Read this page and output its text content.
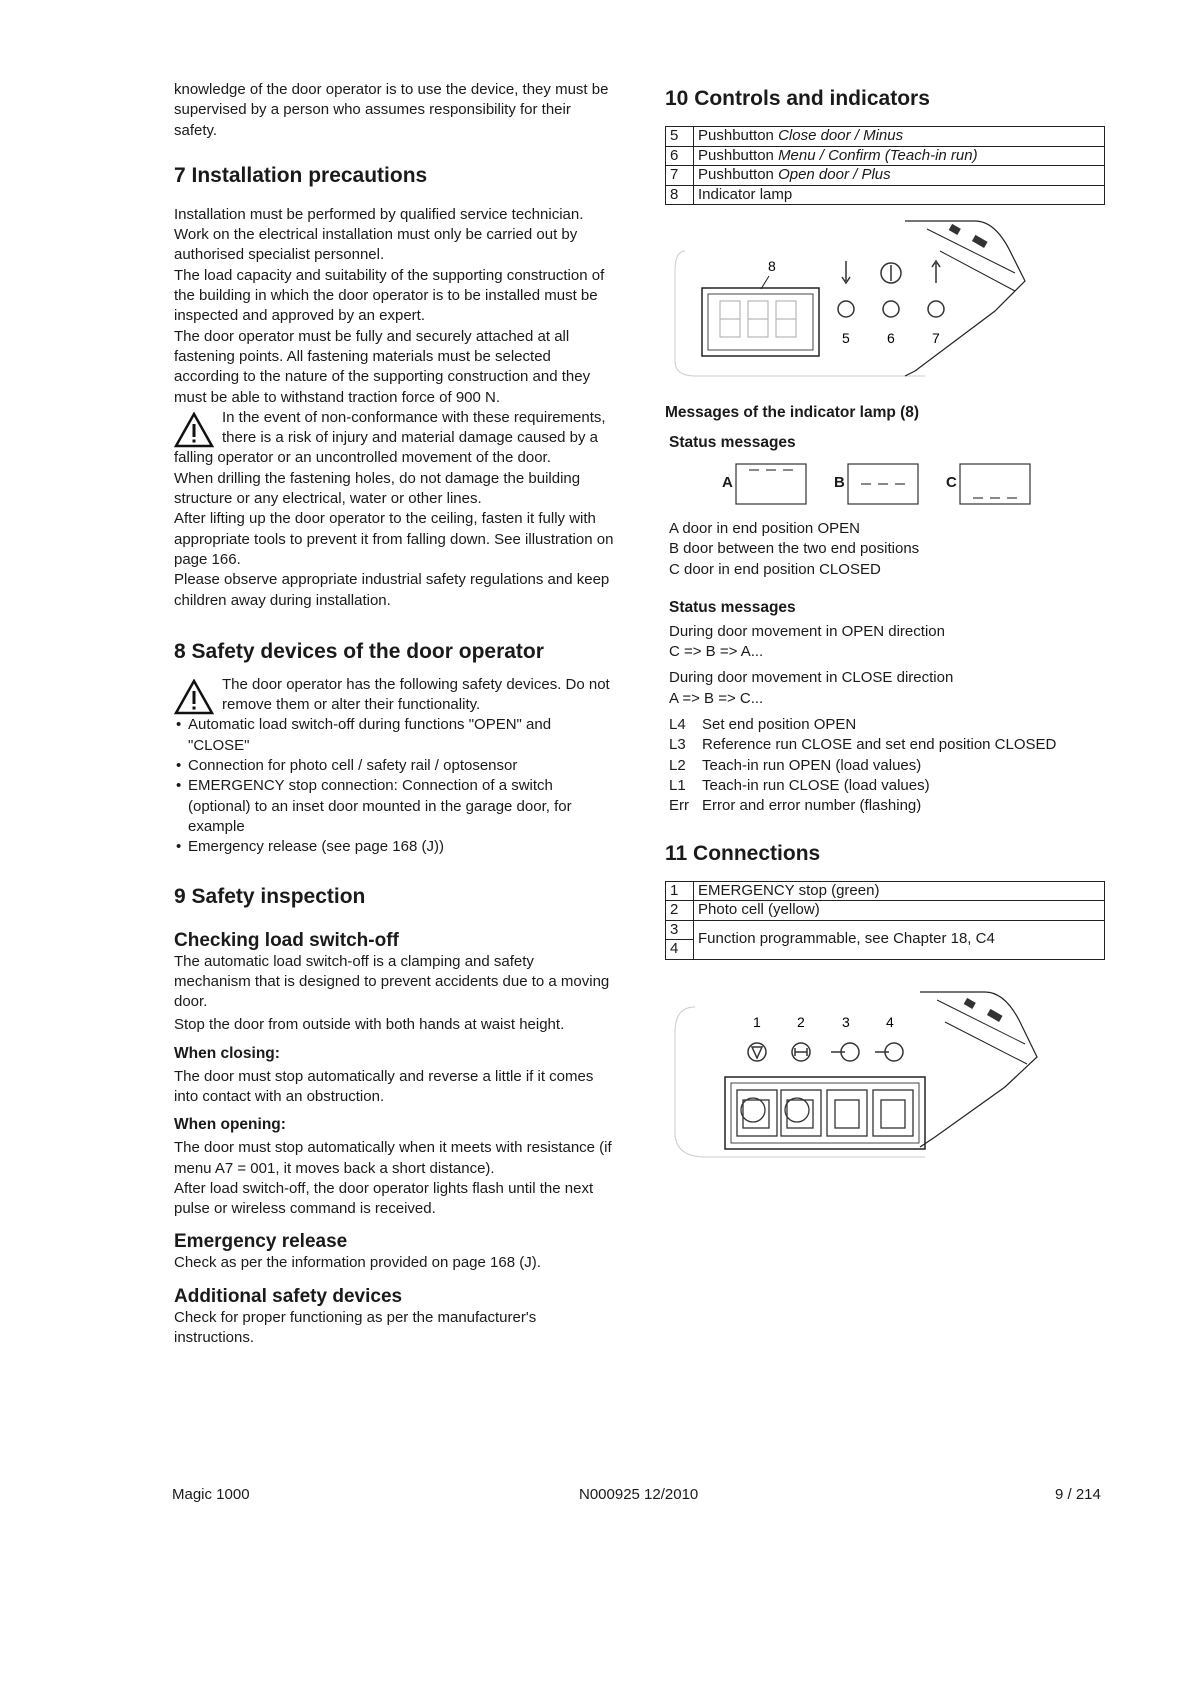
knowledge of the door operator is to use the device, they must be supervised by a person who assumes responsibility for their safety.

7 Installation precautions

Installation must be performed by qualified service technician.

Work on the electrical installation must only be carried out by authorised specialist personnel.

The load capacity and suitability of the supporting construction of the building in which the door operator is to be installed must be inspected and approved by an expert.

The door operator must be fully and securely attached at all fastening points. All fastening materials must be selected according to the nature of the supporting construction and they must be able to withstand traction force of 900 N.

In the event of non-conformance with these requirements, there is a risk of injury and material damage caused by a falling operator or an uncontrolled movement of the door.

When drilling the fastening holes, do not damage the building structure or any electrical, water or other lines.

After lifting up the door operator to the ceiling, fasten it fully with appropriate tools to prevent it from falling down. See illustration on page 166.

Please observe appropriate industrial safety regulations and keep children away during installation.

8 Safety devices of the door operator

The door operator has the following safety devices. Do not remove them or alter their functionality.

• Automatic load switch-off during functions "OPEN" and "CLOSE"
• Connection for photo cell / safety rail / optosensor
• EMERGENCY stop connection: Connection of a switch (optional) to an inset door mounted in the garage door, for example
• Emergency release (see page 168 (J))
9 Safety inspection
Checking load switch-off

The automatic load switch-off is a clamping and safety mechanism that is designed to prevent accidents due to a moving door.

Stop the door from outside with both hands at waist height.

When closing:

The door must stop automatically and reverse a little if it comes into contact with an obstruction.

When opening:

The door must stop automatically when it meets with resistance (if menu A7 = 001, it moves back a short distance).

After load switch-off, the door operator lights flash until the next pulse or wireless command is received.

Emergency release

Check as per the information provided on page 168 (J).

Additional safety devices

Check for proper functioning as per the manufacturer's instructions.

10 Controls and indicators
5	Pushbutton Close door / Minus
6	Pushbutton Menu / Confirm (Teach-in run)
7	Pushbutton Open door / Plus
8	Indicator lamp
8
5	6	7
Messages of the indicator lamp (8)
Status messages
A	B	C

A door in end position OPEN

B door between the two end positions

C door in end position CLOSED

Status messages

During door movement in OPEN direction

C => B => A...

During door movement in CLOSE direction

A => B => C...

L4	Set end position OPEN
L3	Reference run CLOSE and set end position CLOSED
L2	Teach-in run OPEN (load values)
L1	Teach-in run CLOSE (load values)
Err Error and error number (flashing)
11 Connections
1	EMERGENCY stop (green)
2	Photo cell (yellow)
3	Function programmable, see Chapter 18, C4
4	
1	2	3	4
Magic 1000	N000925 12/2010	9 / 214
